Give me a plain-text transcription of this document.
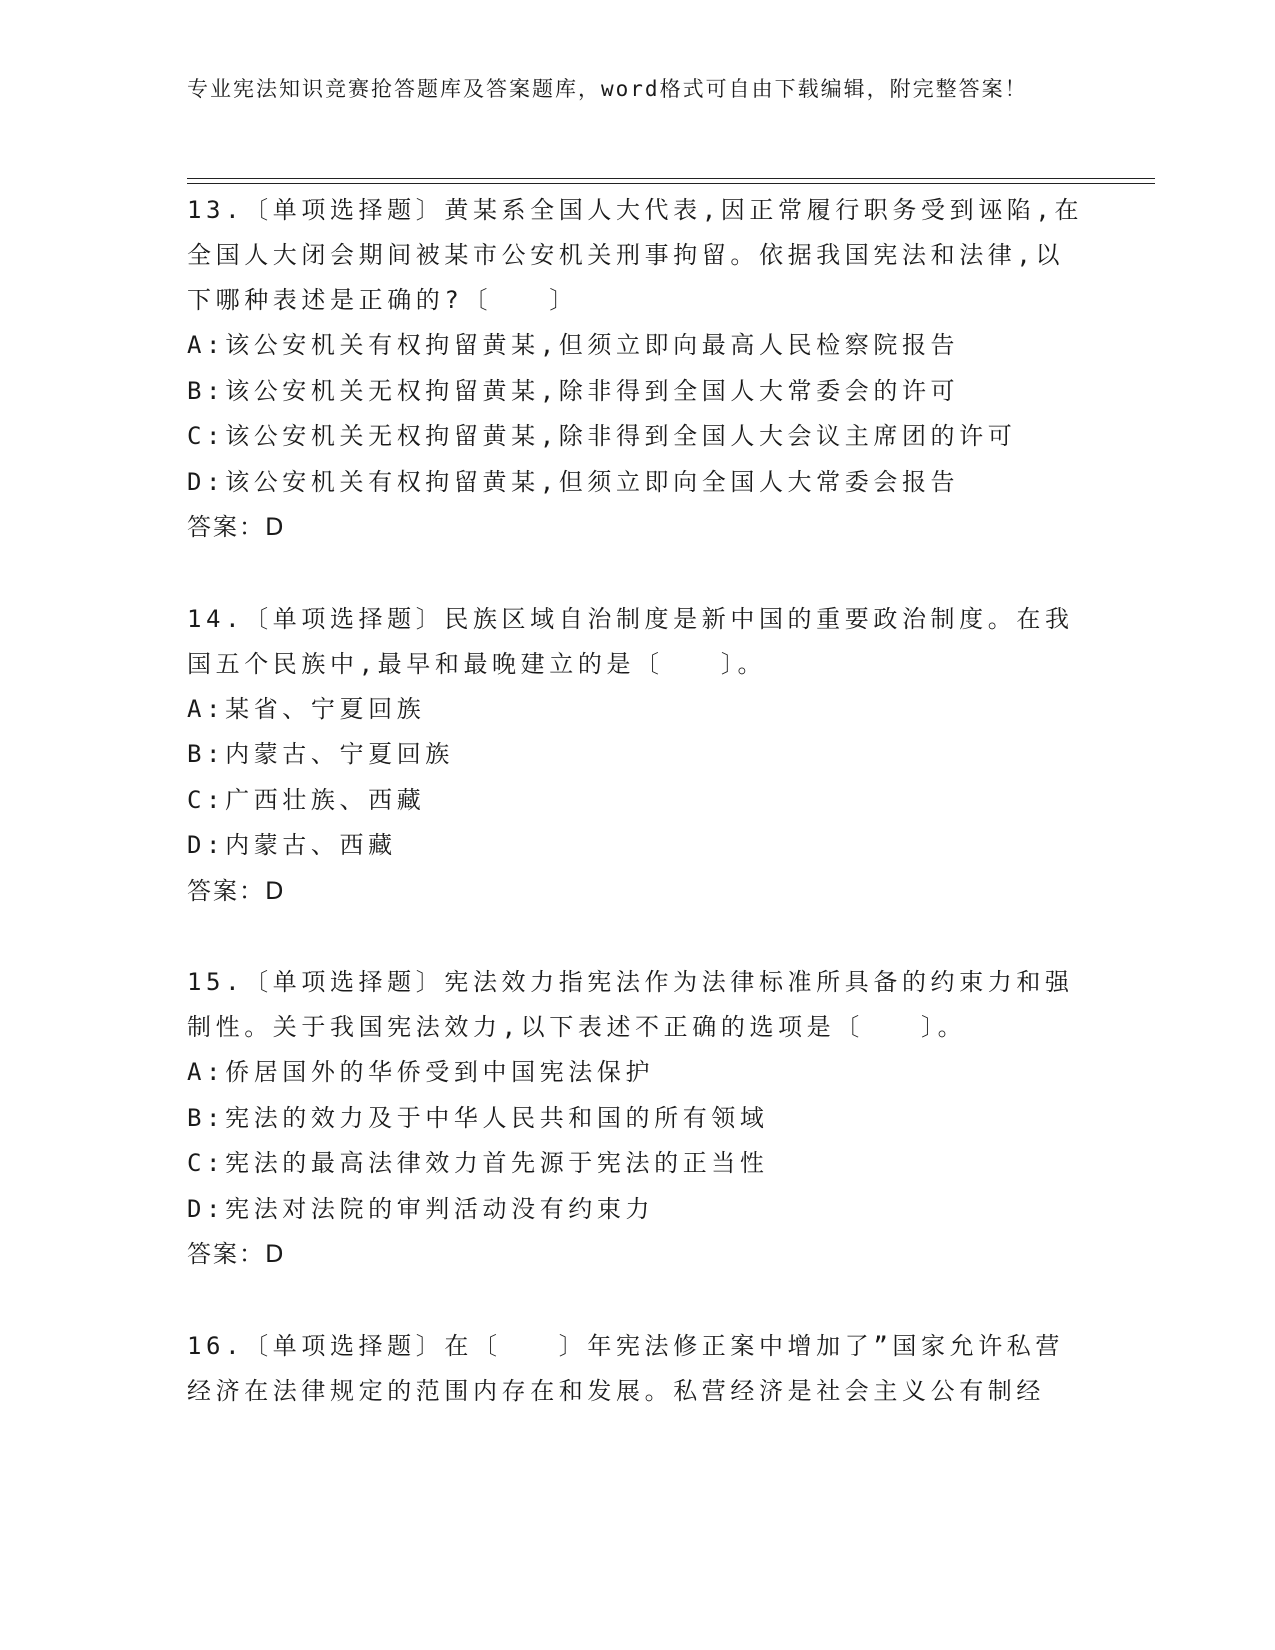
专业宪法知识竞赛抢答题库及答案题库，word格式可自由下载编辑，附完整答案！

13.〔单项选择题〕黄某系全国人大代表,因正常履行职务受到诬陷,在全国人大闭会期间被某市公安机关刑事拘留。依据我国宪法和法律,以下哪种表述是正确的?〔　　〕

A:该公安机关有权拘留黄某,但须立即向最高人民检察院报告

B:该公安机关无权拘留黄某,除非得到全国人大常委会的许可

C:该公安机关无权拘留黄某,除非得到全国人大会议主席团的许可

D:该公安机关有权拘留黄某,但须立即向全国人大常委会报告

答案：D

14.〔单项选择题〕民族区域自治制度是新中国的重要政治制度。在我国五个民族中,最早和最晚建立的是〔　　〕。

A:某省、宁夏回族

B:内蒙古、宁夏回族

C:广西壮族、西藏

D:内蒙古、西藏

答案：D

15.〔单项选择题〕宪法效力指宪法作为法律标准所具备的约束力和强制性。关于我国宪法效力,以下表述不正确的选项是〔　　〕。

A:侨居国外的华侨受到中国宪法保护

B:宪法的效力及于中华人民共和国的所有领域

C:宪法的最高法律效力首先源于宪法的正当性

D:宪法对法院的审判活动没有约束力

答案：D

16.〔单项选择题〕在〔　　〕年宪法修正案中增加了”国家允许私营经济在法律规定的范围内存在和发展。私营经济是社会主义公有制经
